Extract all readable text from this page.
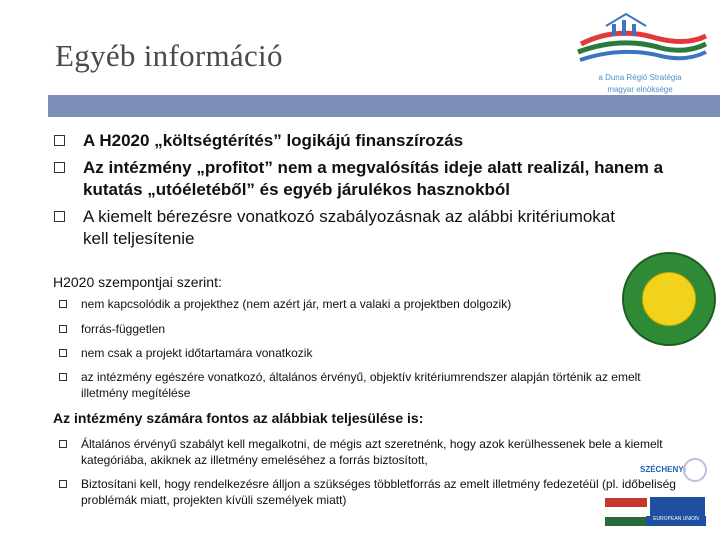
Egyéb információ
a Duna Régió Stratégia
magyar elnöksége
A H2020 „költségtérítés” logikájú finanszírozás
Az intézmény „profitot” nem a megvalósítás ideje alatt realizál, hanem a kutatás „utóéletéből” és egyéb járulékos hasznokból
A kiemelt bérezésre vonatkozó szabályozásnak az alábbi kritériumokat kell teljesítenie
H2020 szempontjai szerint:
nem kapcsolódik a projekthez (nem azért jár, mert a valaki a projektben dolgozik)
forrás-független
nem csak a projekt időtartamára vonatkozik
az intézmény egészére vonatkozó, általános érvényű, objektív kritériumrendszer alapján történik az emelt illetmény megítélése
Az intézmény számára fontos az alábbiak teljesülése is:
Általános érvényű szabályt kell megalkotni, de mégis azt szeretnénk, hogy azok kerülhessenek bele a kiemelt kategóriába, akiknek az illetmény emeléséhez a forrás biztosított,
Biztosítani kell, hogy rendelkezésre álljon a szükséges többletforrás az emelt illetmény fedezetéül (pl. időbeliség problémák miatt, projekten kívüli személyek miatt)
SZÉCHENYI
EUROPEAN UNION
